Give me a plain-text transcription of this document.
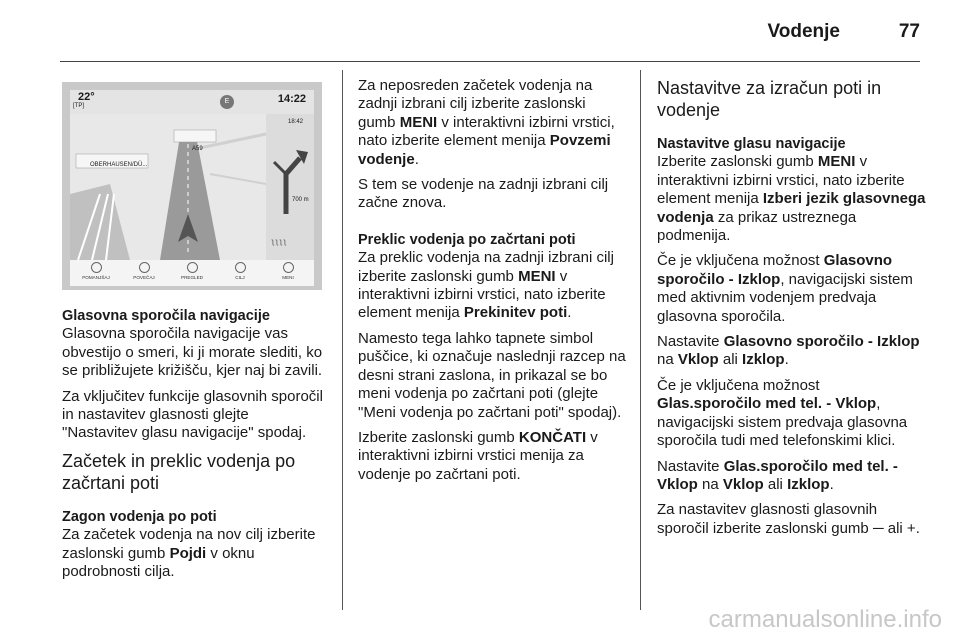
Vodenje	77
22°
[TP]
E	14:22
OBERHAUSEN/DÜ...
A59
ʅ ʅ ʅ ʅ
18:42
700 m
POMANJŠAJ	POVEČAJ	PREGLED	CILJ	MENI
Glasovna sporočila navigacije

Glasovna sporočila navigacije vas obvestijo o smeri, ki ji morate slediti, ko se približujete križišču, kjer naj bi zavili.

Za vključitev funkcije glasovnih sporočil in nastavitev glasnosti glejte "Nastavitev glasu navigacije" spodaj.

Začetek in preklic vodenja po začrtani poti
Zagon vodenja po poti

Za začetek vodenja na nov cilj izberite zaslonski gumb Pojdi v oknu podrobnosti cilja.

Za neposreden začetek vodenja na zadnji izbrani cilj izberite zaslonski gumb MENI v interaktivni izbirni vrstici, nato izberite element menija Povzemi vodenje.

S tem se vodenje na zadnji izbrani cilj začne znova.

Preklic vodenja po začrtani poti

Za preklic vodenja na zadnji izbrani cilj izberite zaslonski gumb MENI v interaktivni izbirni vrstici, nato izberite element menija Prekinitev poti.

Namesto tega lahko tapnete simbol puščice, ki označuje naslednji razcep na desni strani zaslona, in prikazal se bo meni vodenja po začrtani poti (glejte "Meni vodenja po začrtani poti" spodaj).

Izberite zaslonski gumb KONČATI v interaktivni izbirni vrstici menija za vodenje po začrtani poti.

Nastavitve za izračun poti in vodenje
Nastavitve glasu navigacije

Izberite zaslonski gumb MENI v interaktivni izbirni vrstici, nato izberite element menija Izberi jezik glasovnega vodenja za prikaz ustreznega podmenija.

Če je vključena možnost Glasovno sporočilo - Izklop, navigacijski sistem med aktivnim vodenjem predvaja glasovna sporočila.

Nastavite Glasovno sporočilo - Izklop na Vklop ali Izklop.

Če je vključena možnost Glas.sporočilo med tel. - Vklop, navigacijski sistem predvaja glasovna sporočila tudi med telefonskimi klici.

Nastavite Glas.sporočilo med tel. - Vklop na Vklop ali Izklop.

Za nastavitev glasnosti glasovnih sporočil izberite zaslonski gumb ─ ali +.

carmanualsonline.info
